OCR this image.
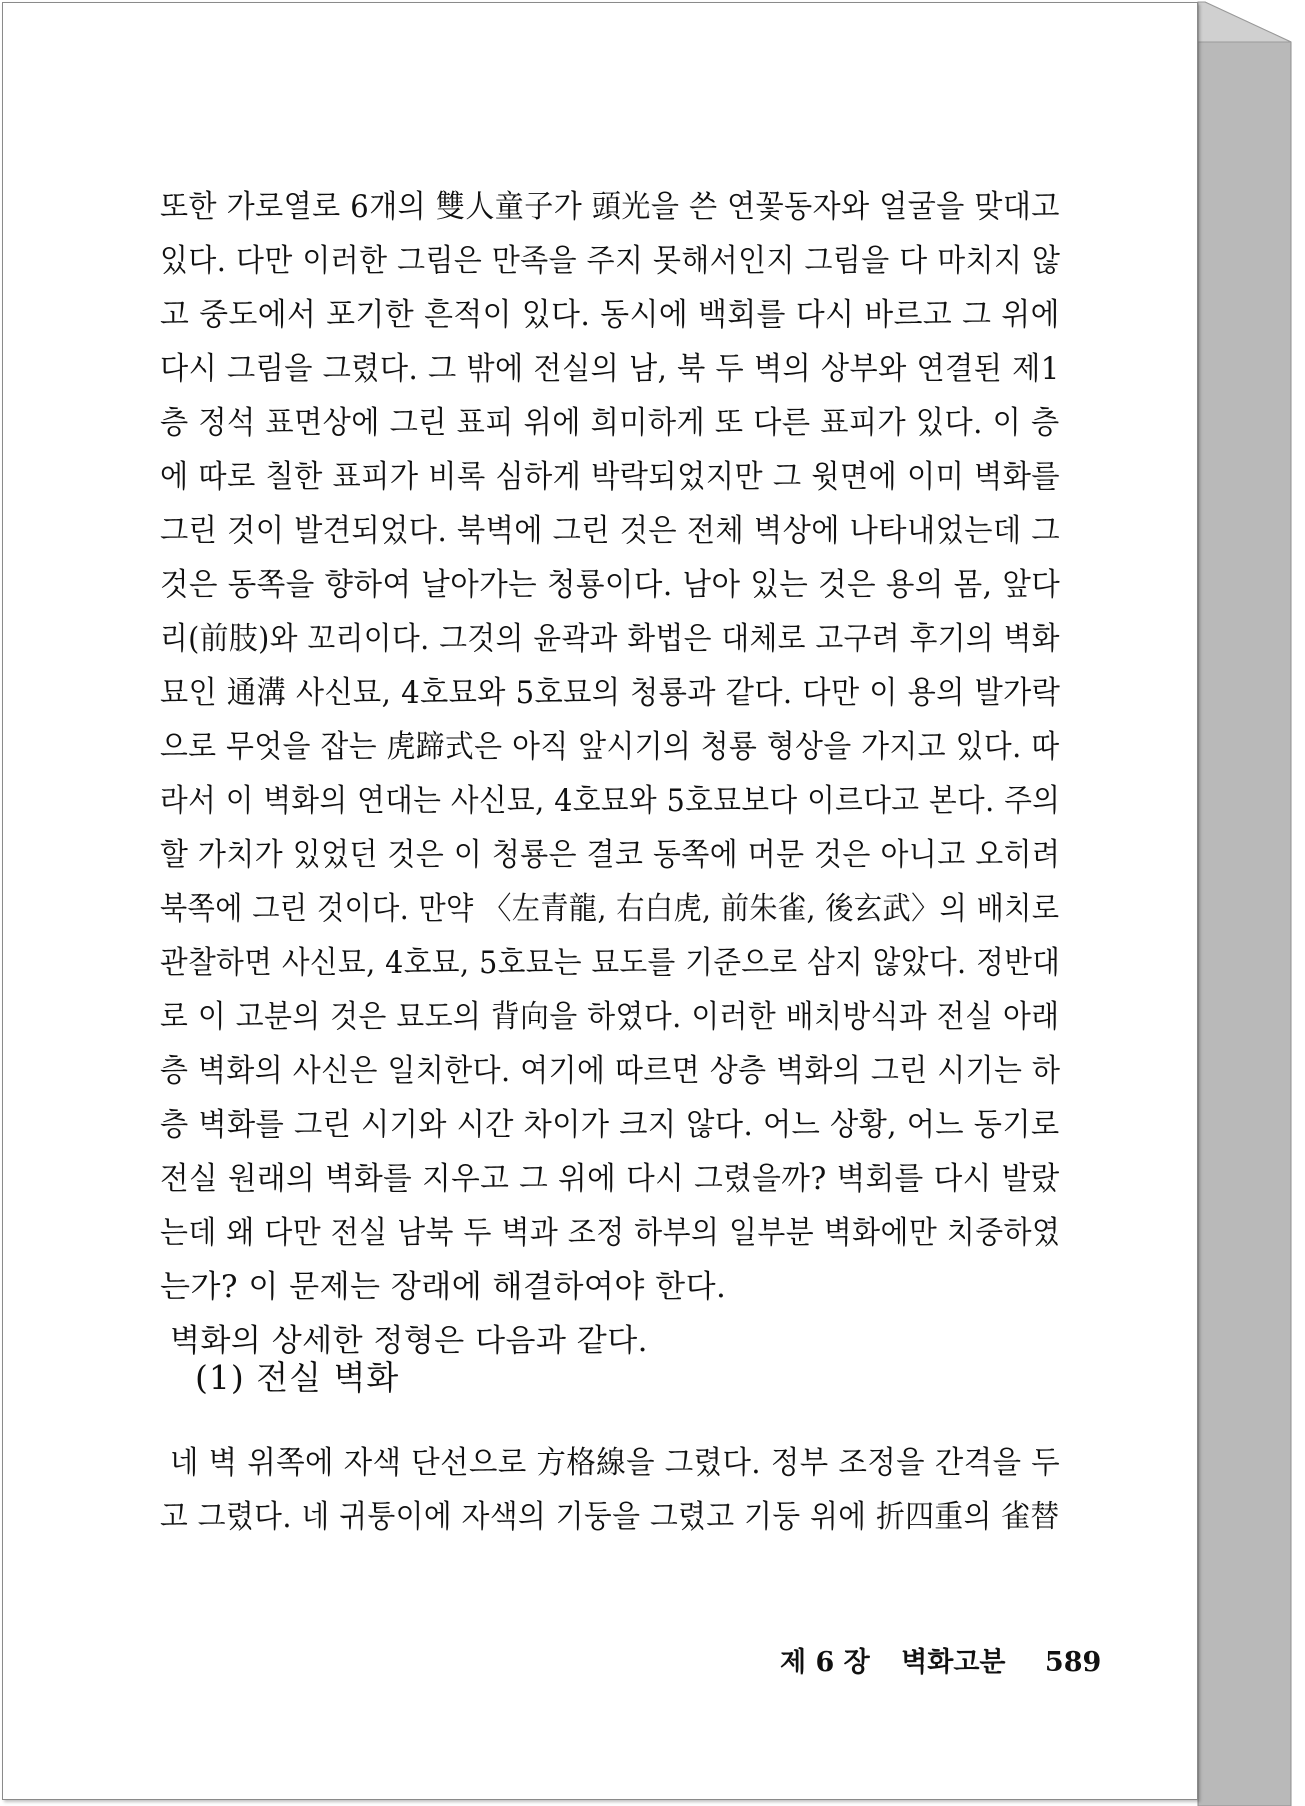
또한 가로열로 6개의 雙人童子가 頭光을 쓴 연꽃동자와 얼굴을 맞대고
있다. 다만 이러한 그림은 만족을 주지 못해서인지 그림을 다 마치지 않
고 중도에서 포기한 흔적이 있다. 동시에 백회를 다시 바르고 그 위에
다시 그림을 그렸다. 그 밖에 전실의 남, 북 두 벽의 상부와 연결된 제1
층 정석 표면상에 그린 표피 위에 희미하게 또 다른 표피가 있다. 이 층
에 따로 칠한 표피가 비록 심하게 박락되었지만 그 윗면에 이미 벽화를
그린 것이 발견되었다. 북벽에 그린 것은 전체 벽상에 나타내었는데 그
것은 동쪽을 향하여 날아가는 청룡이다. 남아 있는 것은 용의 몸, 앞다
리(前肢)와 꼬리이다. 그것의 윤곽과 화법은 대체로 고구려 후기의 벽화
묘인 通溝 사신묘, 4호묘와 5호묘의 청룡과 같다. 다만 이 용의 발가락
으로 무엇을 잡는 虎蹄式은 아직 앞시기의 청룡 형상을 가지고 있다. 따
라서 이 벽화의 연대는 사신묘, 4호묘와 5호묘보다 이르다고 본다. 주의
할 가치가 있었던 것은 이 청룡은 결코 동쪽에 머문 것은 아니고 오히려
북쪽에 그린 것이다. 만약 〈左青龍, 右白虎, 前朱雀, 後玄武〉의 배치로
관찰하면 사신묘, 4호묘, 5호묘는 묘도를 기준으로 삼지 않았다. 정반대
로 이 고분의 것은 묘도의 背向을 하였다. 이러한 배치방식과 전실 아래
층 벽화의 사신은 일치한다. 여기에 따르면 상층 벽화의 그린 시기는 하
층 벽화를 그린 시기와 시간 차이가 크지 않다. 어느 상황, 어느 동기로
전실 원래의 벽화를 지우고 그 위에 다시 그렸을까? 벽회를 다시 발랐
는데 왜 다만 전실 남북 두 벽과 조정 하부의 일부분 벽화에만 치중하였
는가? 이 문제는 장래에 해결하여야 한다.
벽화의 상세한 정형은 다음과 같다.
네 벽 위쪽에 자색 단선으로 方格線을 그렸다. 정부 조정을 간격을 두
고 그렸다. 네 귀퉁이에 자색의 기둥을 그렸고 기둥 위에 折四重의 雀替
(1) 전실 벽화
제 6 장 벽화고분 589
